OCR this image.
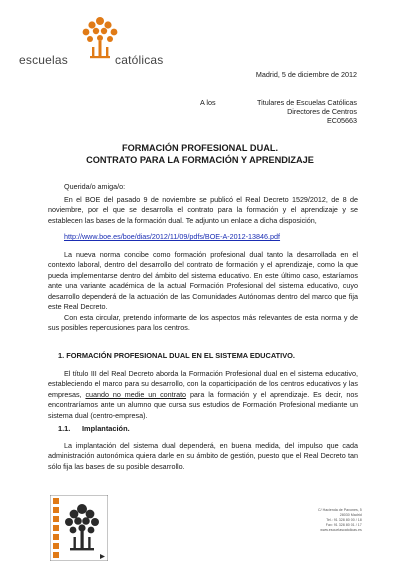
escuelas	católicas
Madrid, 5 de diciembre de 2012
A los	Titulares de Escuelas Católicas
Directores de Centros
EC05663
FORMACIÓN PROFESIONAL DUAL.
CONTRATO PARA LA FORMACIÓN Y APRENDIZAJE
Querida/o amiga/o:
En el BOE del pasado 9 de noviembre se publicó el Real Decreto 1529/2012, de 8 de noviembre, por el que se desarrolla el contrato para la formación y el aprendizaje y se establecen las bases de la formación dual. Te adjunto un enlace a dicha disposición,
http://www.boe.es/boe/dias/2012/11/09/pdfs/BOE-A-2012-13846.pdf
La nueva norma concibe como formación profesional dual tanto la desarrollada en el contexto laboral, dentro del desarrollo del contrato de formación y el aprendizaje, como la que pueda implementarse dentro del ámbito del sistema educativo. En este último caso, estaríamos ante una variante académica de la actual Formación Profesional del sistema educativo, cuyo desarrollo dependerá de la actuación de las Comunidades Autónomas dentro del marco que fija este Real Decreto.
Con esta circular, pretendo informarte de los aspectos más relevantes de esta norma y de sus posibles repercusiones para los centros.
1. FORMACIÓN PROFESIONAL DUAL EN EL SISTEMA EDUCATIVO.
El título III del Real Decreto aborda la Formación Profesional dual en el sistema educativo, estableciendo el marco para su desarrollo, con la coparticipación de los centros educativos y las empresas, cuando no medie un contrato para la formación y el aprendizaje. Es decir, nos encontraríamos ante un alumno que cursa sus estudios de Formación Profesional mediante un sistema dual (centro-empresa).
1.1. Implantación.
La implantación del sistema dual dependerá, en buena medida, del impulso que cada administración autonómica quiera darle en su ámbito de gestión, puesto que el Real Decreto tan sólo fija las bases de su posible desarrollo.
C/ Hacienda de Pavones, 5
28030 Madrid
Tel.: 91 328 80 00 / 18
Fax: 91 328 80 01 / 17
www.escuelascatolicas.es
